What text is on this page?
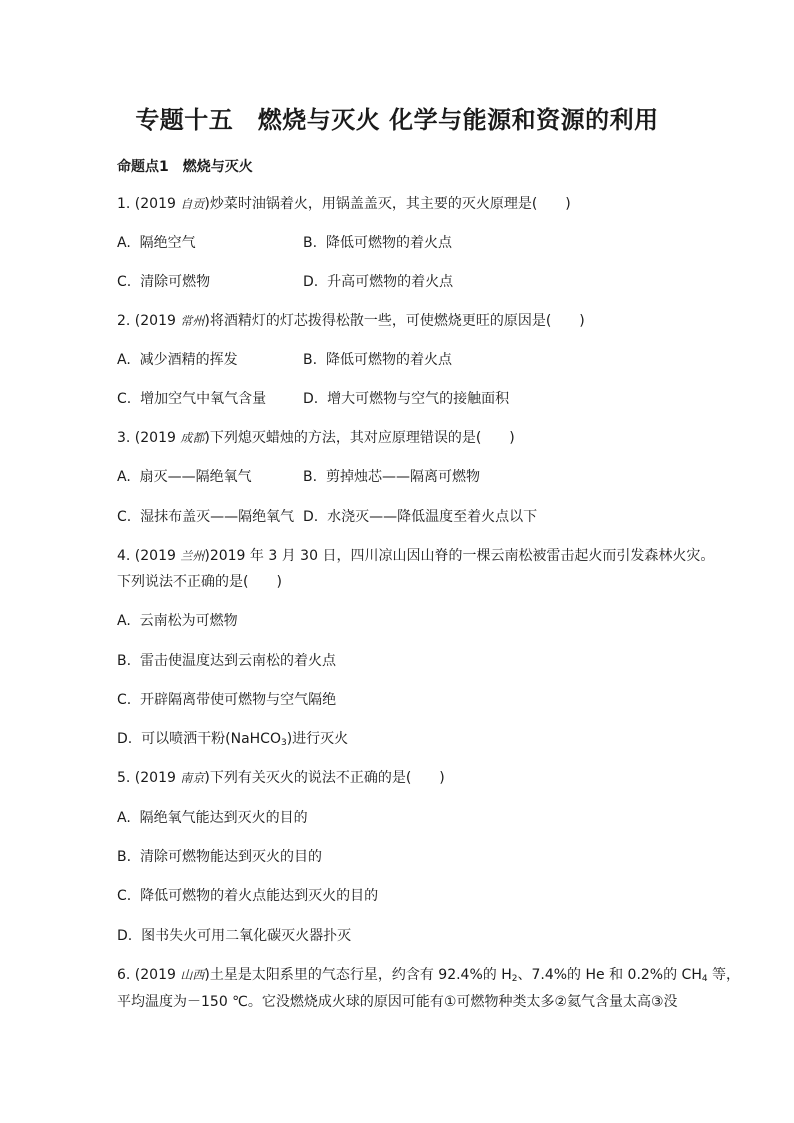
专题十五　燃烧与灭火 化学与能源和资源的利用
命题点1　燃烧与灭火
1. (2019 自贡)炒菜时油锅着火，用锅盖盖灭，其主要的灭火原理是(　　)
A.  隔绝空气	B.  降低可燃物的着火点
C.  清除可燃物	D.  升高可燃物的着火点
2. (2019 常州)将酒精灯的灯芯拨得松散一些，可使燃烧更旺的原因是(　　)
A.  减少酒精的挥发	B.  降低可燃物的着火点
C.  增加空气中氧气含量	D.  增大可燃物与空气的接触面积
3. (2019 成都)下列熄灭蜡烛的方法，其对应原理错误的是(　　)
A.  扇灭——隔绝氧气	B.  剪掉烛芯——隔离可燃物
C.  湿抹布盖灭——隔绝氧气 D.  水浇灭——降低温度至着火点以下
4. (2019 兰州)2019 年 3 月 30 日，四川凉山因山脊的一棵云南松被雷击起火而引发森林火灾。
下列说法不正确的是(　　)
A.  云南松为可燃物
B.  雷击使温度达到云南松的着火点
C.  开辟隔离带使可燃物与空气隔绝
D.  可以喷洒干粉(NaHCO$_3$)进行灭火
5. (2019 南京)下列有关灭火的说法不正确的是(　　)
A.  隔绝氧气能达到灭火的目的
B.  清除可燃物能达到灭火的目的
C.  降低可燃物的着火点能达到灭火的目的
D.  图书失火可用二氧化碳灭火器扑灭
6. (2019 山西)土星是太阳系里的气态行星，约含有 92.4%的 $H_2$、7.4%的 He 和 0.2%的 $CH_4$ 等，
平均温度为－150 ℃。它没燃烧成火球的原因可能有①可燃物种类太多②氦气含量太高③没
